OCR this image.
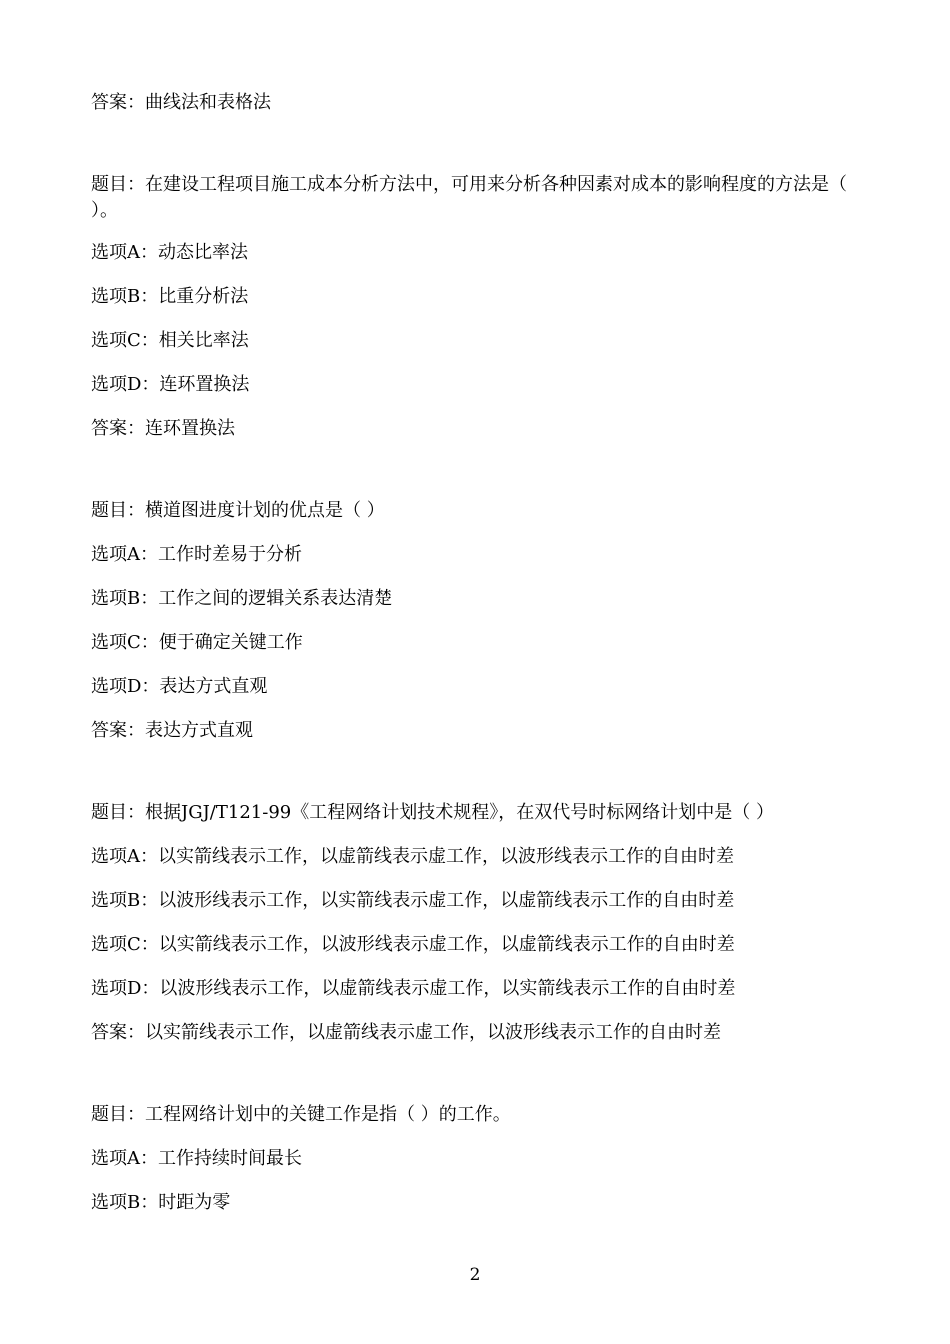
答案：曲线法和表格法
题目：在建设工程项目施工成本分析方法中，可用来分析各种因素对成本的影响程度的方法是（ ）。
选项A：动态比率法
选项B：比重分析法
选项C：相关比率法
选项D：连环置换法
答案：连环置换法
题目：横道图进度计划的优点是（ ）
选项A：工作时差易于分析
选项B：工作之间的逻辑关系表达清楚
选项C：便于确定关键工作
选项D：表达方式直观
答案：表达方式直观
题目：根据JGJ/T121-99《工程网络计划技术规程》，在双代号时标网络计划中是（ ）
选项A：以实箭线表示工作，以虚箭线表示虚工作，以波形线表示工作的自由时差
选项B：以波形线表示工作，以实箭线表示虚工作，以虚箭线表示工作的自由时差
选项C：以实箭线表示工作，以波形线表示虚工作，以虚箭线表示工作的自由时差
选项D：以波形线表示工作，以虚箭线表示虚工作，以实箭线表示工作的自由时差
答案：以实箭线表示工作，以虚箭线表示虚工作，以波形线表示工作的自由时差
题目：工程网络计划中的关键工作是指（ ）的工作。
选项A：工作持续时间最长
选项B：时距为零
2
